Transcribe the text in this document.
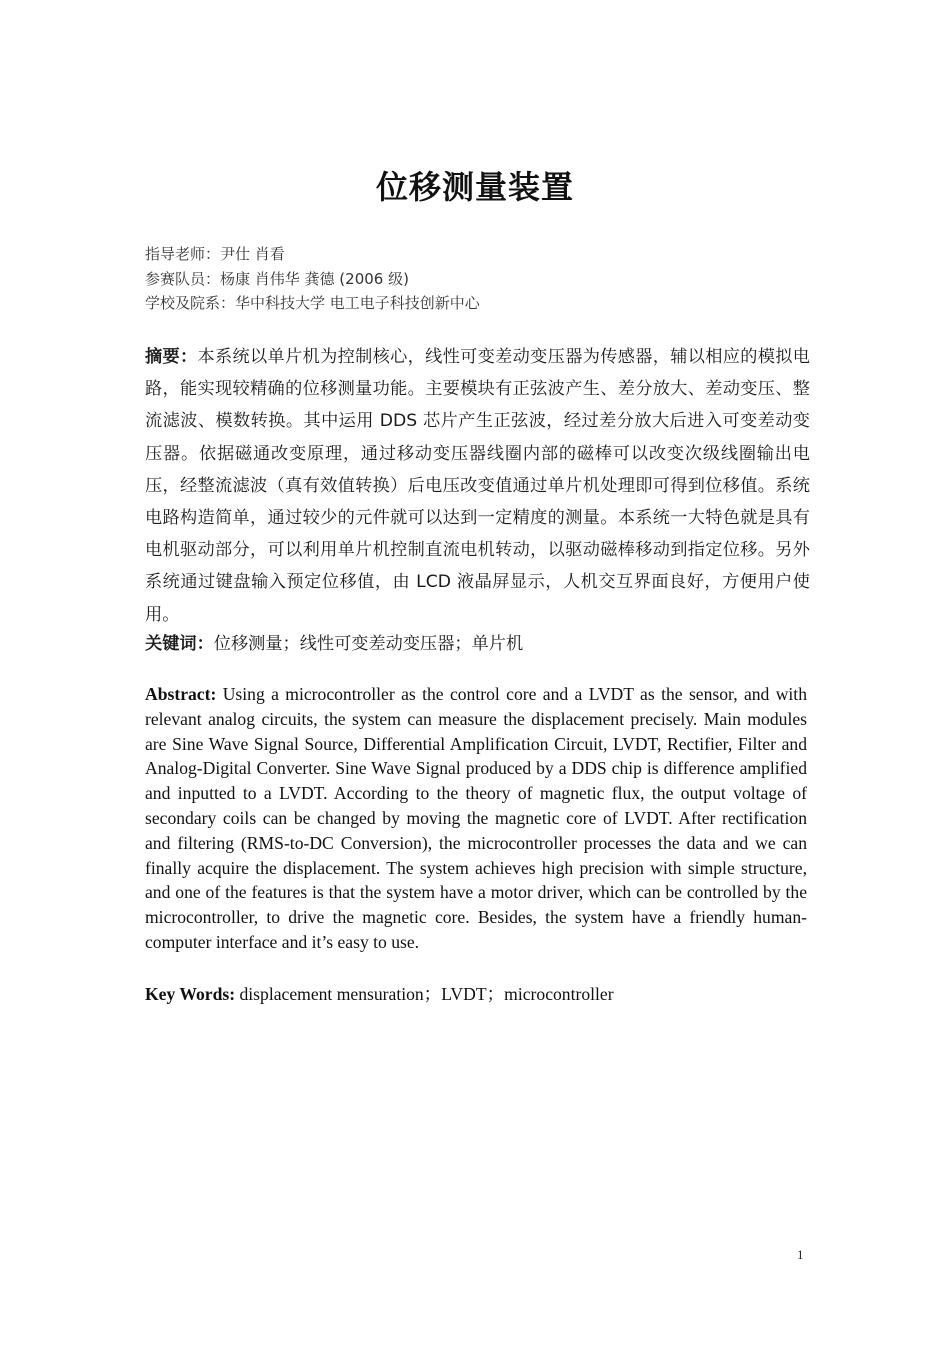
位移测量装置
指导老师：尹仕 肖看
参赛队员：杨康 肖伟华 龚德 (2006 级)
学校及院系：华中科技大学 电工电子科技创新中心
摘要：本系统以单片机为控制核心，线性可变差动变压器为传感器，辅以相应的模拟电路，能实现较精确的位移测量功能。主要模块有正弦波产生、差分放大、差动变压、整流滤波、模数转换。其中运用 DDS 芯片产生正弦波，经过差分放大后进入可变差动变压器。依据磁通改变原理，通过移动变压器线圈内部的磁棒可以改变次级线圈输出电压，经整流滤波（真有效值转换）后电压改变值通过单片机处理即可得到位移值。系统电路构造简单，通过较少的元件就可以达到一定精度的测量。本系统一大特色就是具有电机驱动部分，可以利用单片机控制直流电机转动，以驱动磁棒移动到指定位移。另外系统通过键盘输入预定位移值，由 LCD 液晶屏显示，人机交互界面良好，方便用户使用。
关键词：位移测量；线性可变差动变压器；单片机
Abstract: Using a microcontroller as the control core and a LVDT as the sensor, and with relevant analog circuits, the system can measure the displacement precisely. Main modules are Sine Wave Signal Source, Differential Amplification Circuit, LVDT, Rectifier, Filter and Analog-Digital Converter. Sine Wave Signal produced by a DDS chip is difference amplified and inputted to a LVDT. According to the theory of magnetic flux, the output voltage of secondary coils can be changed by moving the magnetic core of LVDT. After rectification and filtering (RMS-to-DC Conversion), the microcontroller processes the data and we can finally acquire the displacement. The system achieves high precision with simple structure, and one of the features is that the system have a motor driver, which can be controlled by the microcontroller, to drive the magnetic core. Besides, the system have a friendly human-computer interface and it’s easy to use.
Key Words: displacement mensuration；LVDT；microcontroller
1
